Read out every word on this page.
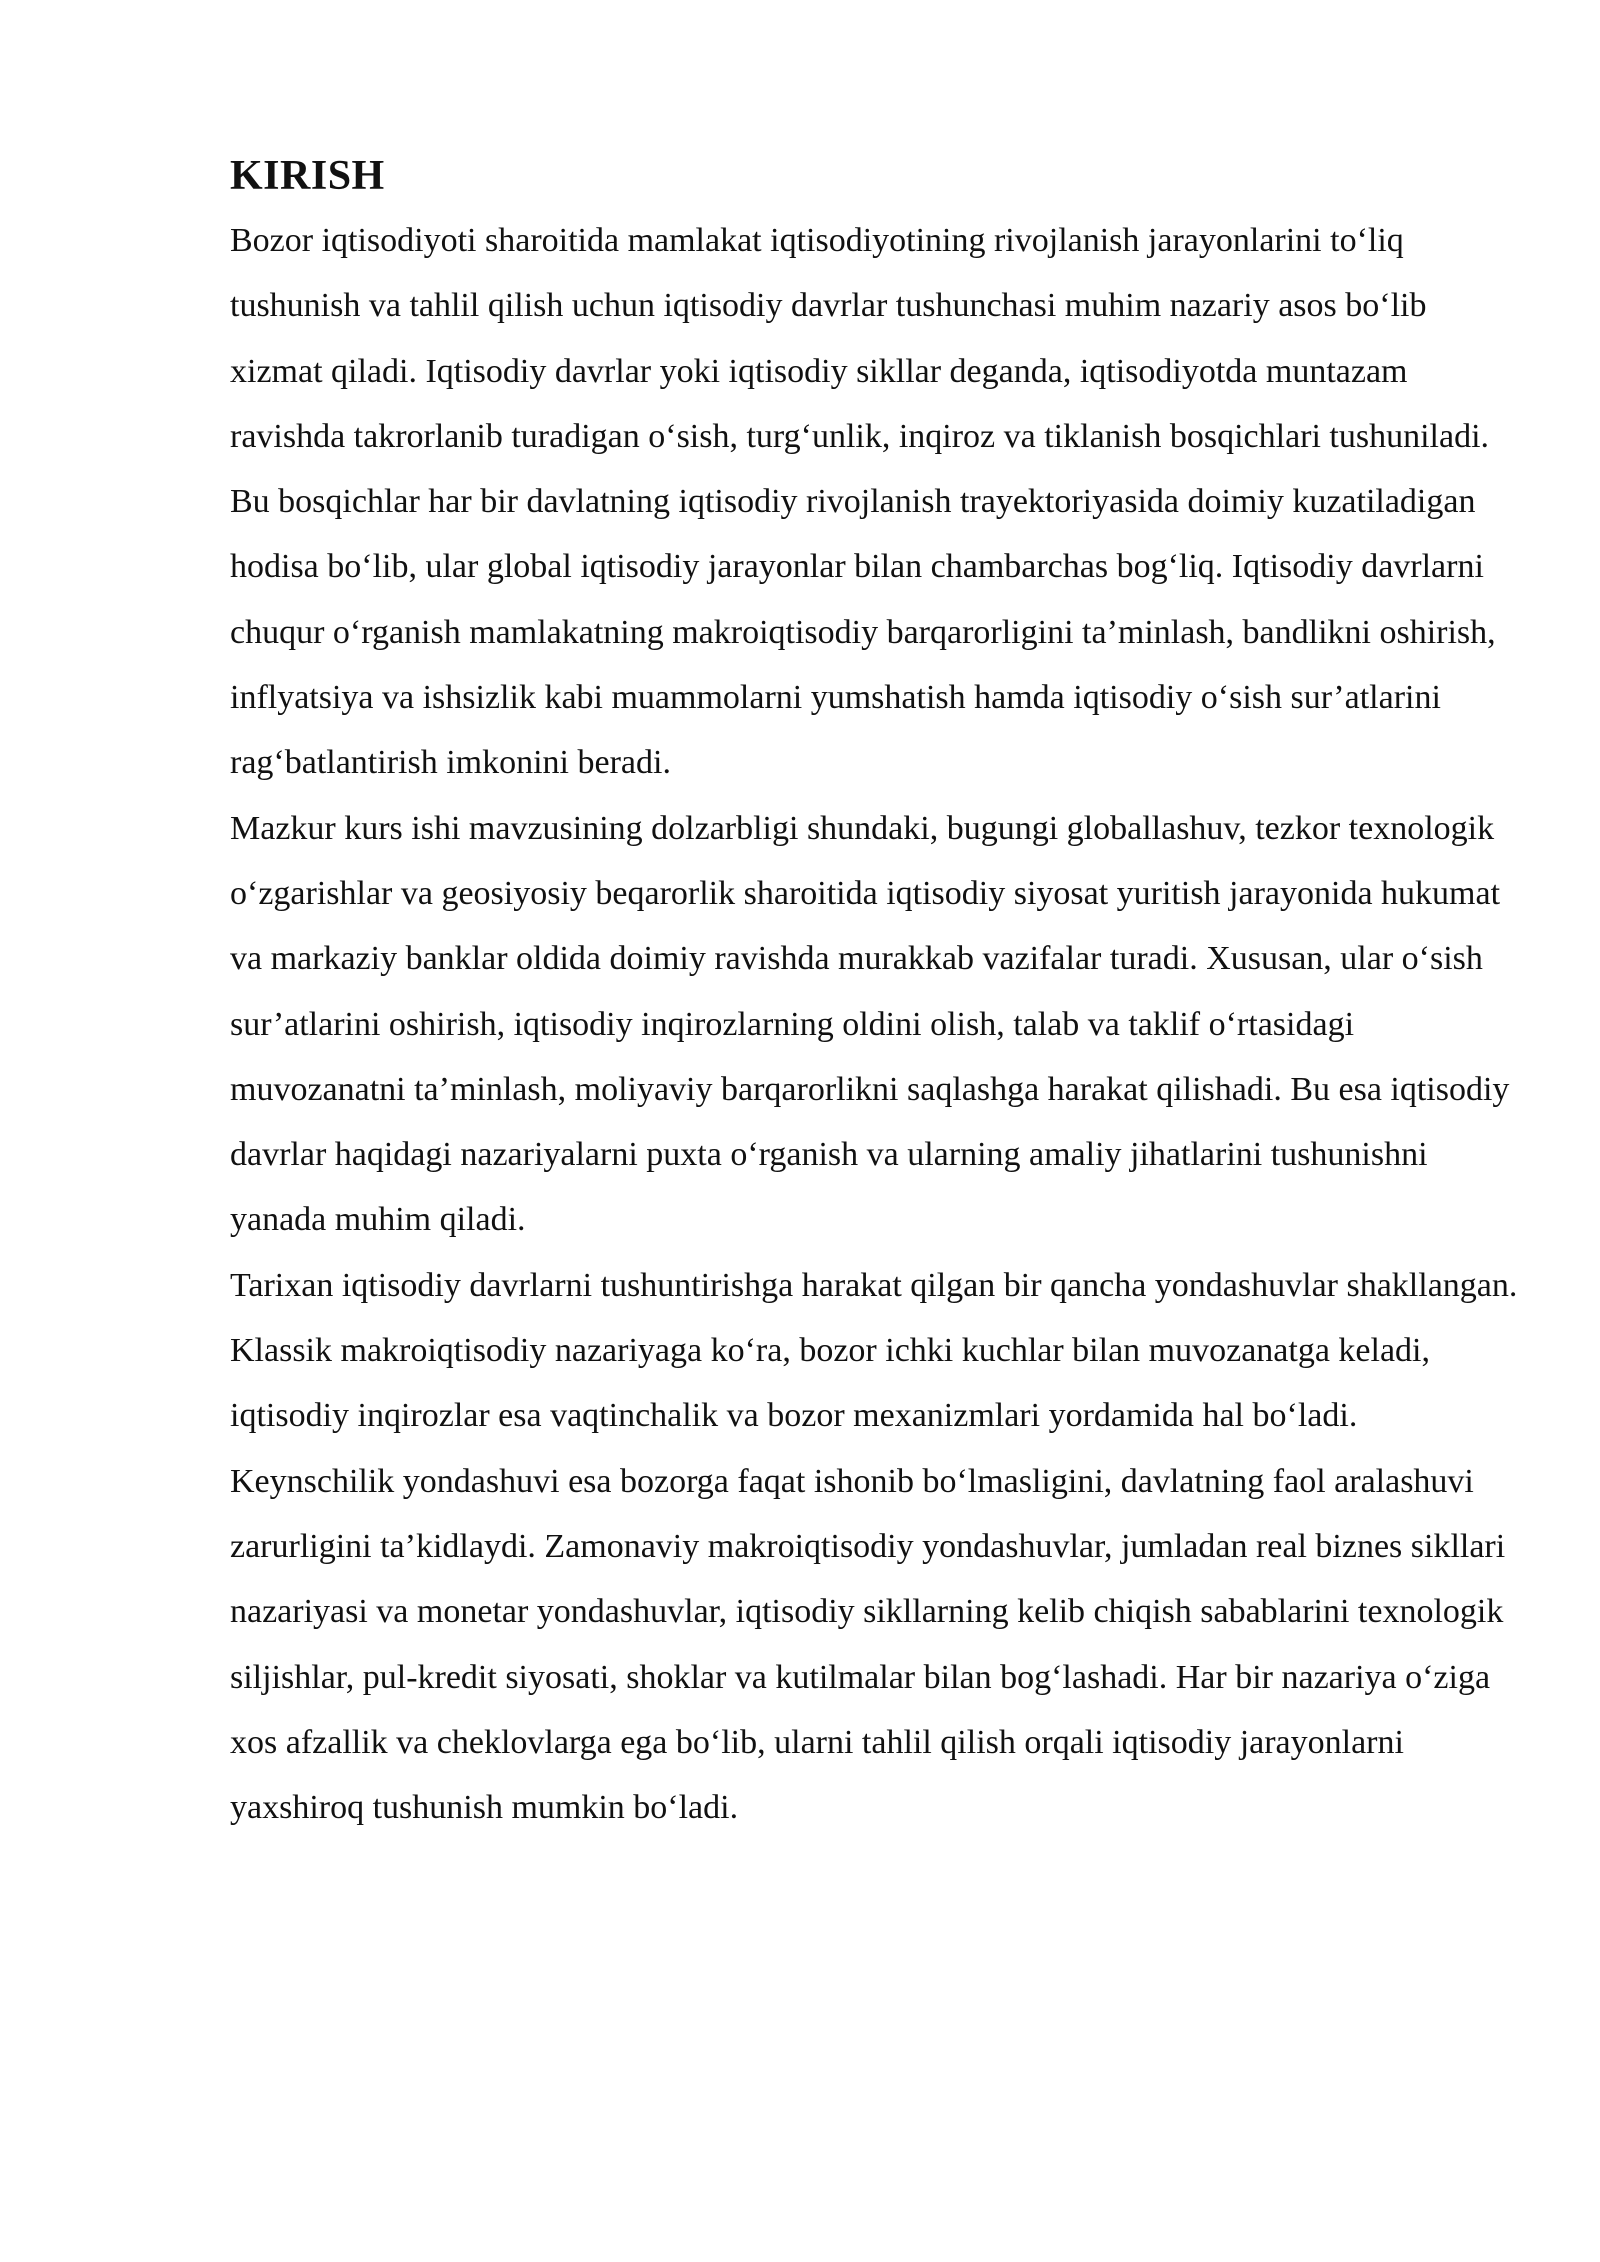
KIRISH

Bozor iqtisodiyoti sharoitida mamlakat iqtisodiyotining rivojlanish jarayonlarini to‘liq tushunish va tahlil qilish uchun iqtisodiy davrlar tushunchasi muhim nazariy asos bo‘lib xizmat qiladi. Iqtisodiy davrlar yoki iqtisodiy sikllar deganda, iqtisodiyotda muntazam ravishda takrorlanib turadigan o‘sish, turg‘unlik, inqiroz va tiklanish bosqichlari tushuniladi. Bu bosqichlar har bir davlatning iqtisodiy rivojlanish trayektoriyasida doimiy kuzatiladigan hodisa bo‘lib, ular global iqtisodiy jarayonlar bilan chambarchas bog‘liq. Iqtisodiy davrlarni chuqur o‘rganish mamlakatning makroiqtisodiy barqarorligini ta’minlash, bandlikni oshirish, inflyatsiya va ishsizlik kabi muammolarni yumshatish hamda iqtisodiy o‘sish sur’atlarini rag‘batlantirish imkonini beradi.

Mazkur kurs ishi mavzusining dolzarbligi shundaki, bugungi globallashuv, tezkor texnologik o‘zgarishlar va geosiyosiy beqarorlik sharoitida iqtisodiy siyosat yuritish jarayonida hukumat va markaziy banklar oldida doimiy ravishda murakkab vazifalar turadi. Xususan, ular o‘sish sur’atlarini oshirish, iqtisodiy inqirozlarning oldini olish, talab va taklif o‘rtasidagi muvozanatni ta’minlash, moliyaviy barqarorlikni saqlashga harakat qilishadi. Bu esa iqtisodiy davrlar haqidagi nazariyalarni puxta o‘rganish va ularning amaliy jihatlarini tushunishni yanada muhim qiladi.

Tarixan iqtisodiy davrlarni tushuntirishga harakat qilgan bir qancha yondashuvlar shakllangan. Klassik makroiqtisodiy nazariyaga ko‘ra, bozor ichki kuchlar bilan muvozanatga keladi, iqtisodiy inqirozlar esa vaqtinchalik va bozor mexanizmlari yordamida hal bo‘ladi. Keynschilik yondashuvi esa bozorga faqat ishonib bo‘lmasligini, davlatning faol aralashuvi zarurligini ta’kidlaydi. Zamonaviy makroiqtisodiy yondashuvlar, jumladan real biznes sikllari nazariyasi va monetar yondashuvlar, iqtisodiy sikllarning kelib chiqish sabablarini texnologik siljishlar, pul-kredit siyosati, shoklar va kutilmalar bilan bog‘lashadi. Har bir nazariya o‘ziga xos afzallik va cheklovlarga ega bo‘lib, ularni tahlil qilish orqali iqtisodiy jarayonlarni yaxshiroq tushunish mumkin bo‘ladi.
